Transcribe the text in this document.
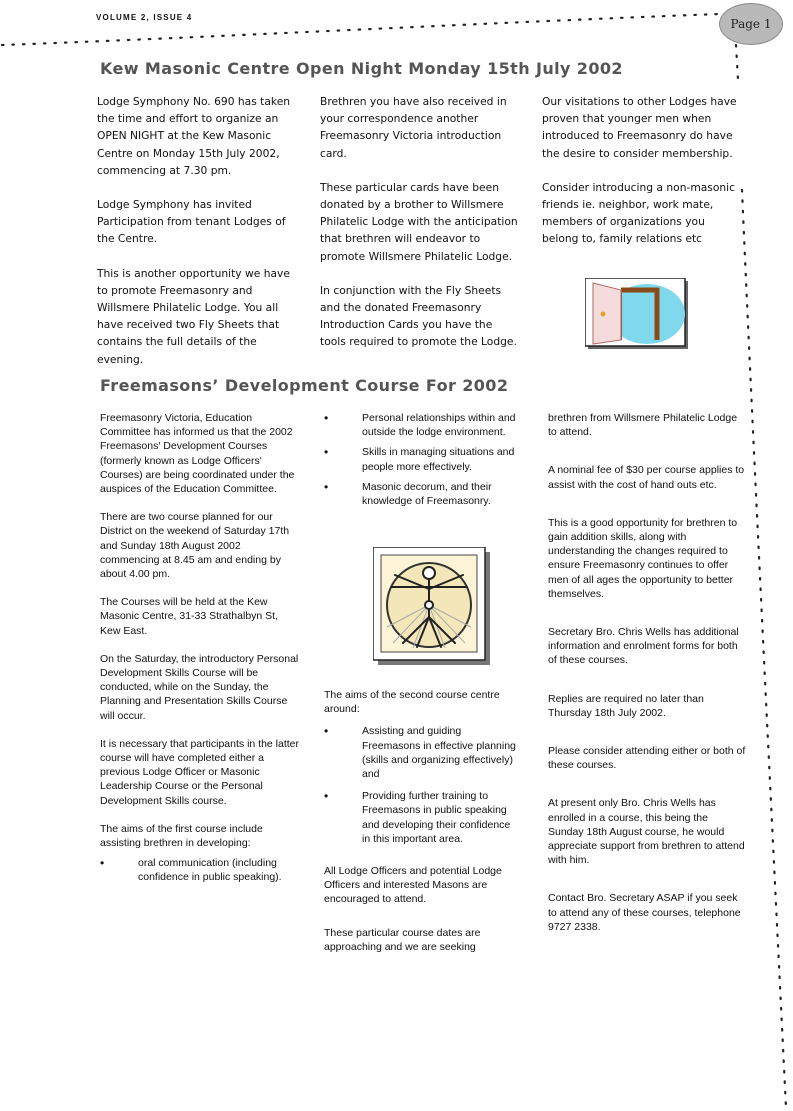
VOLUME 2, ISSUE 4	Page 1
Kew Masonic Centre Open Night Monday 15th July 2002

Lodge Symphony No. 690 has taken the time and effort to organize an OPEN NIGHT at the Kew Masonic Centre on Monday 15th July 2002, commencing at 7.30 pm.

Lodge Symphony has invited Participation from tenant Lodges of the Centre.

This is another opportunity we have to promote Freemasonry and Willsmere Philatelic Lodge. You all have received two Fly Sheets that contains the full details of the evening.

Brethren you have also received in your correspondence another Freemasonry Victoria introduction card.

These particular cards have been donated by a brother to Willsmere Philatelic Lodge with the anticipation that brethren will endeavor to promote Willsmere Philatelic Lodge.

In conjunction with the Fly Sheets and the donated Freemasonry Introduction Cards you have the tools required to promote the Lodge.

Our visitations to other Lodges have proven that younger men when introduced to Freemasonry do have the desire to consider membership.

Consider introducing a non-masonic friends ie. neighbor, work mate, members of organizations you belong to, family relations etc

Freemasons’ Development Course For 2002

Freemasonry Victoria, Education Committee has informed us that the 2002 Freemasons' Development Courses (formerly known as Lodge Officers' Courses) are being coordinated under the auspices of the Education Committee.

There are two course planned for our District on the weekend of Saturday 17th and Sunday 18th August 2002 commencing at 8.45 am and ending by about 4.00 pm.

The Courses will be held at the Kew Masonic Centre, 31-33 Strathalbyn St, Kew East.

On the Saturday, the introductory Personal Development Skills Course will be conducted, while on the Sunday, the Planning and Presentation Skills Course will occur.

It is necessary that participants in the latter course will have completed either a previous Lodge Officer or Masonic Leadership Course or the Personal Development Skills course.

The aims of the first course include assisting brethren in developing:

• oral communication (including confidence in public speaking).
• Personal relationships within and outside the lodge environment.
• Skills in managing situations and people more effectively.
• Masonic decorum, and their knowledge of Freemasonry.

The aims of the second course centre around:

• Assisting and guiding Freemasons in effective planning (skills and organizing effectively) and
• Providing further training to Freemasons in public speaking and developing their confidence in this important area.

All Lodge Officers and potential Lodge Officers and interested Masons are encouraged to attend.

These particular course dates are approaching and we are seeking

brethren from Willsmere Philatelic Lodge to attend.

A nominal fee of $30 per course applies to assist with the cost of hand outs etc.

This is a good opportunity for brethren to gain addition skills, along with understanding the changes required to ensure Freemasonry continues to offer men of all ages the opportunity to better themselves.

Secretary Bro. Chris Wells has additional information and enrolment forms for both of these courses.

Replies are required no later than Thursday 18th July 2002.

Please consider attending either or both of these courses.

At present only Bro. Chris Wells has enrolled in a course, this being the Sunday 18th August course, he would appreciate support from brethren to attend with him.

Contact Bro. Secretary ASAP if you seek to attend any of these courses, telephone 9727 2338.
